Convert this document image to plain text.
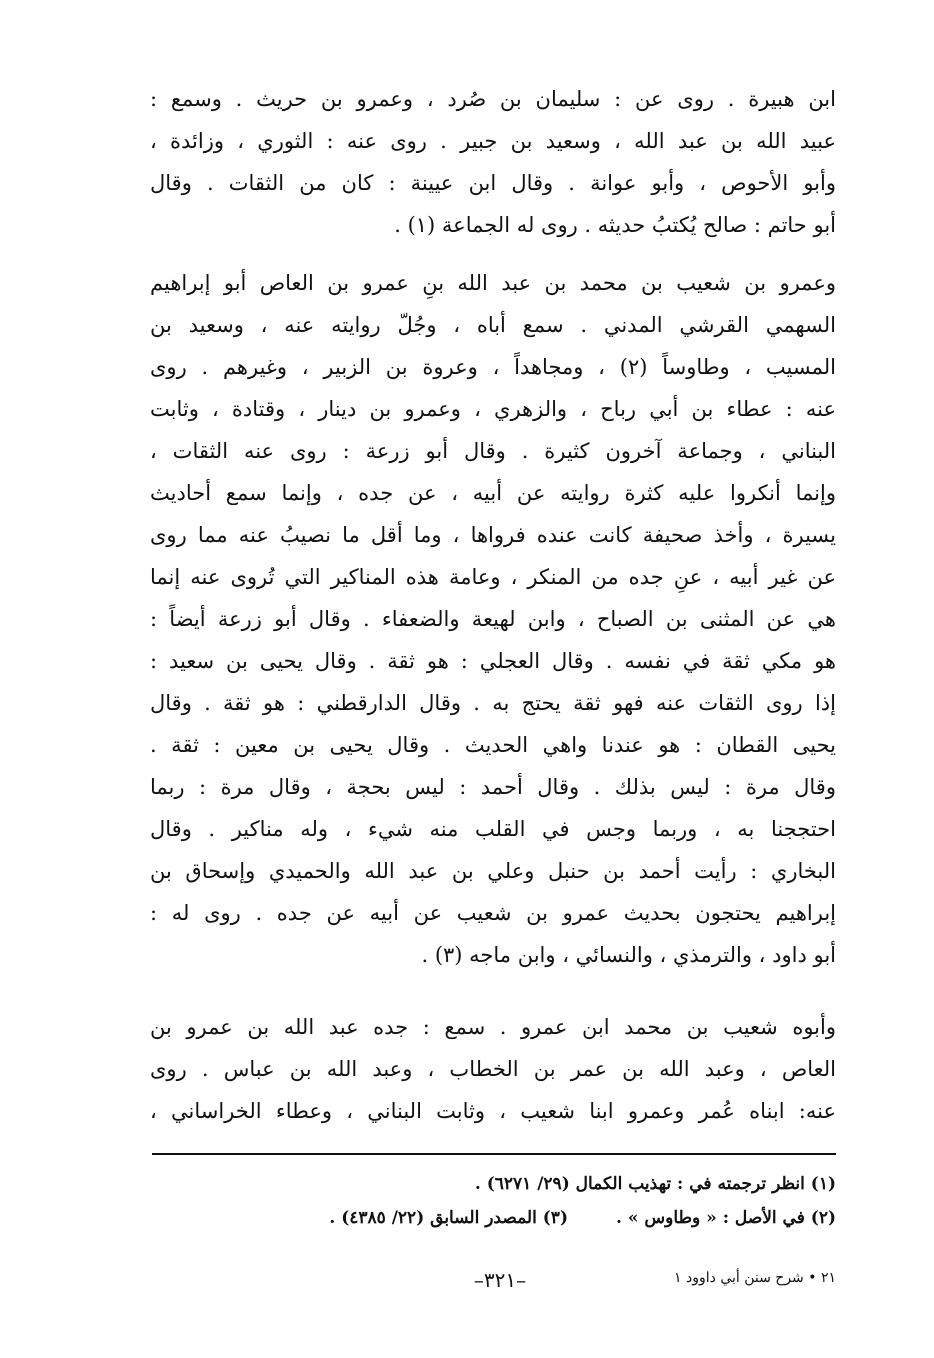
ابن هبيرة . روى عن : سليمان بن صُرد ، وعمرو بن حريث . وسمع :
عبيد الله بن عبد الله ، وسعيد بن جبير . روى عنه : الثوري ، وزائدة ،
وأبو الأحوص ، وأبو عوانة . وقال ابن عيينة : كان من الثقات . وقال
أبو حاتم : صالح يُكتبُ حديثه . روى له الجماعة (١) .
وعمرو بن شعيب بن محمد بن عبد الله بنِ عمرو بن العاص أبو إبراهيم
السهمي القرشي المدني . سمع أباه ، وجُلّ روايته عنه ، وسعيد بن
المسيب ، وطاوساً (٢) ، ومجاهداً ، وعروة بن الزبير ، وغيرهم . روى
عنه : عطاء بن أبي رباح ، والزهري ، وعمرو بن دينار ، وقتادة ، وثابت
البناني ، وجماعة آخرون كثيرة . وقال أبو زرعة : روى عنه الثقات ،
وإنما أنكروا عليه كثرة روايته عن أبيه ، عن جده ، وإنما سمع أحاديث
يسيرة ، وأخذ صحيفة كانت عنده فرواها ، وما أقل ما نصيبُ عنه مما روى
عن غير أبيه ، عنِ جده من المنكر ، وعامة هذه المناكير التي تُروى عنه إنما
هي عن المثنى بن الصباح ، وابن لهيعة والضعفاء . وقال أبو زرعة أيضاً :
هو مكي ثقة في نفسه . وقال العجلي : هو ثقة . وقال يحيى بن سعيد :
إذا روى الثقات عنه فهو ثقة يحتج به . وقال الدارقطني : هو ثقة . وقال
يحيى القطان : هو عندنا واهي الحديث . وقال يحيى بن معين : ثقة .
وقال مرة : ليس بذلك . وقال أحمد : ليس بحجة ، وقال مرة : ربما
احتججنا به ، وربما وجس في القلب منه شيء ، وله مناكير . وقال
البخاري : رأيت أحمد بن حنبل وعلي بن عبد الله والحميدي وإسحاق بن
إبراهيم يحتجون بحديث عمرو بن شعيب عن أبيه عن جده . روى له :
أبو داود ، والترمذي ، والنسائي ، وابن ماجه (٣) .
وأبوه شعيب بن محمد ابن عمرو . سمع : جده عبد الله بن عمرو بن
العاص ، وعبد الله بن عمر بن الخطاب ، وعبد الله بن عباس . روى
عنه: ابناه عُمر وعمرو ابنا شعيب ، وثابت البناني ، وعطاء الخراساني ،
(١) انظر ترجمته في : تهذيب الكمال (٢٩/ ٦٢٧١) .
(٢) في الأصل : « وطاوس » .
(٣) المصدر السابق (٢٢/ ٤٣٨٥) .
٢١ • شرح سنن أبي داوود ١
–٣٢١–
